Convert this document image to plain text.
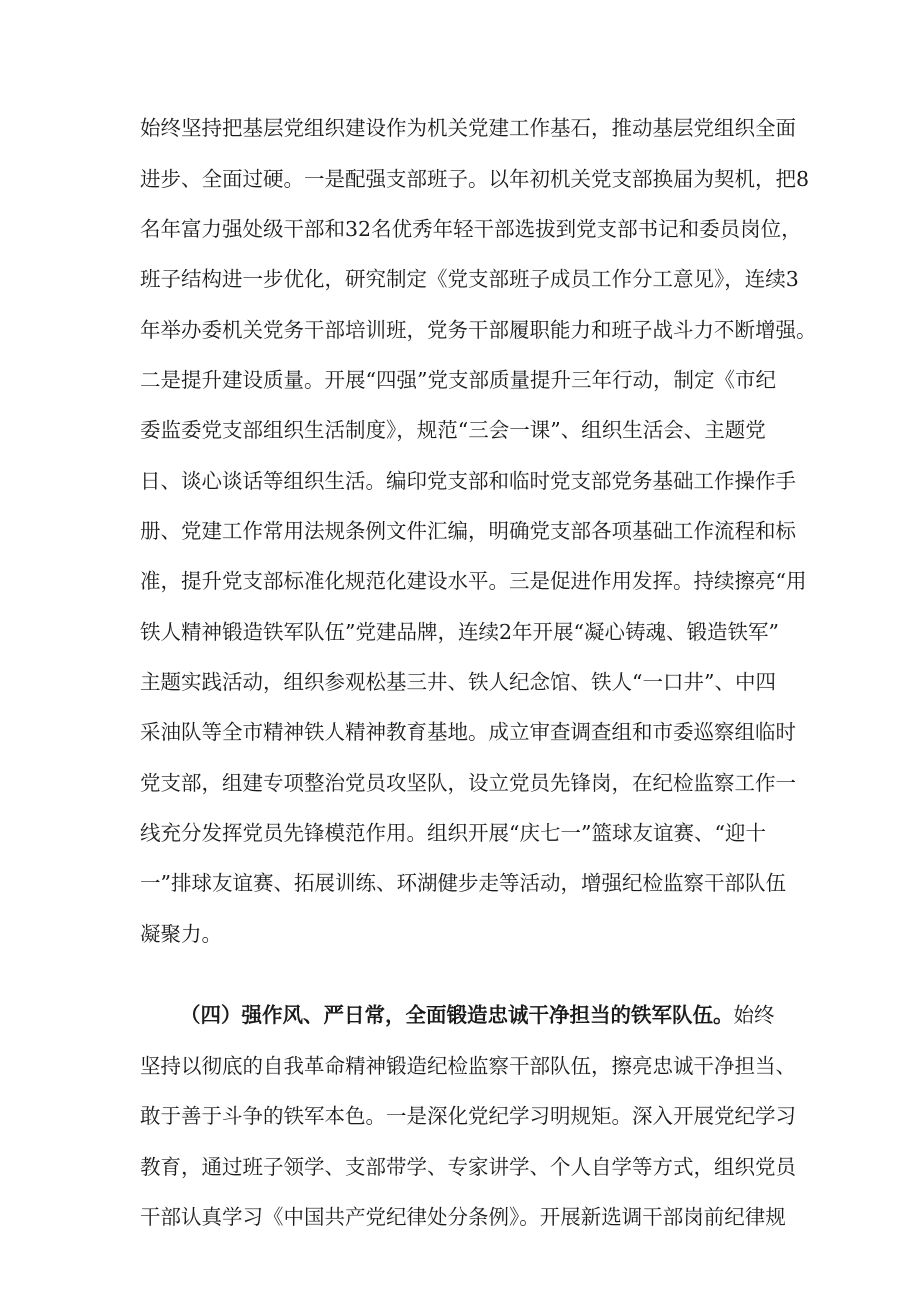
始终坚持把基层党组织建设作为机关党建工作基石，推动基层党组织全面

进步、全面过硬。一是配强支部班子。以年初机关党支部换届为契机，把8

名年富力强处级干部和32名优秀年轻干部选拔到党支部书记和委员岗位，

班子结构进一步优化，研究制定《党支部班子成员工作分工意见》，连续3

年举办委机关党务干部培训班，党务干部履职能力和班子战斗力不断增强。

二是提升建设质量。开展“四强”党支部质量提升三年行动，制定《市纪

委监委党支部组织生活制度》，规范“三会一课”、组织生活会、主题党

日、谈心谈话等组织生活。编印党支部和临时党支部党务基础工作操作手

册、党建工作常用法规条例文件汇编，明确党支部各项基础工作流程和标

准，提升党支部标准化规范化建设水平。三是促进作用发挥。持续擦亮“用

铁人精神锻造铁军队伍”党建品牌，连续2年开展“凝心铸魂、锻造铁军”

主题实践活动，组织参观松基三井、铁人纪念馆、铁人“一口井”、中四

采油队等全市精神铁人精神教育基地。成立审查调查组和市委巡察组临时

党支部，组建专项整治党员攻坚队，设立党员先锋岗，在纪检监察工作一

线充分发挥党员先锋模范作用。组织开展“庆七一”篮球友谊赛、“迎十

一”排球友谊赛、拓展训练、环湖健步走等活动，增强纪检监察干部队伍

凝聚力。

（四）强作风、严日常，全面锻造忠诚干净担当的铁军队伍。始终

坚持以彻底的自我革命精神锻造纪检监察干部队伍，擦亮忠诚干净担当、

敢于善于斗争的铁军本色。一是深化党纪学习明规矩。深入开展党纪学习

教育，通过班子领学、支部带学、专家讲学、个人自学等方式，组织党员

干部认真学习《中国共产党纪律处分条例》。开展新选调干部岗前纪律规
